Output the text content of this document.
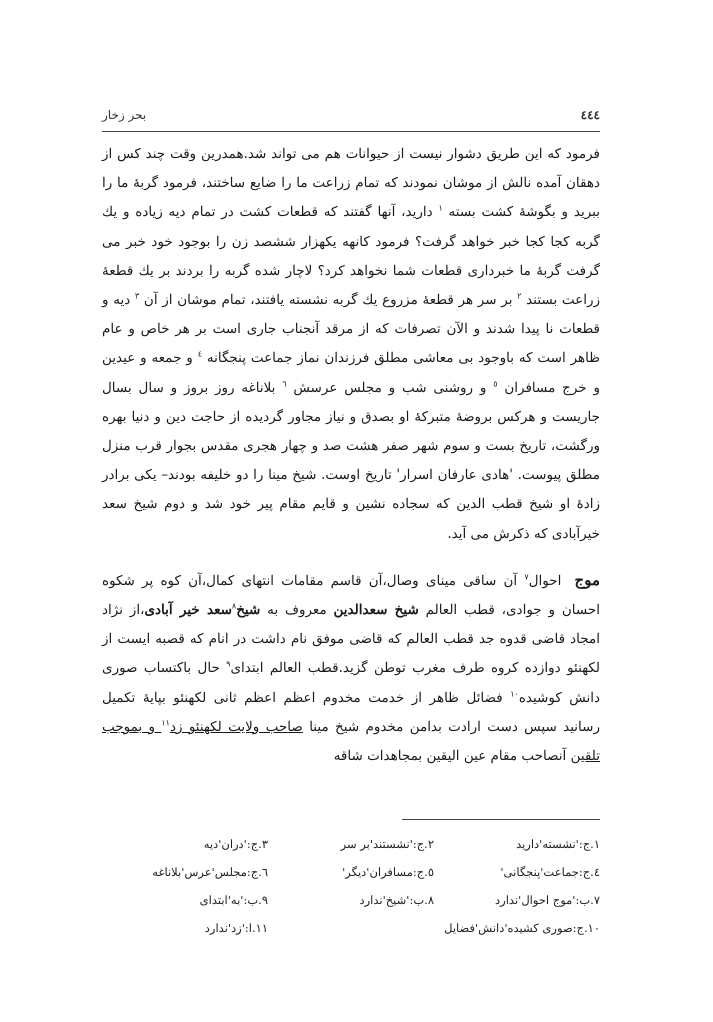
٤٤٤
بحر زخار

فرمود که این طریق دشوار نیست از حیوانات هم می تواند شد.همدرین وقت چند کس از دهقان آمده نالش از موشان نمودند که تمام زراعت ما را ضایع ساختند، فرمود گربهٔ ما را ببرید و بگوشهٔ کشت بسته $^١$ دارید، آنها گفتند که قطعات کشت در تمام دیه زیاده و یك گربه کجا کجا خبر خواهد گرفت؟ فرمود کانهه یکهزار ششصد زن را بوجود خود خبر می گرفت گربهٔ ما خبرداری قطعات شما نخواهد کرد؟ لاچار شده گربه را بردند بر یك قطعهٔ زراعت بستند $^٢$ بر سر هر قطعهٔ مزروع یك گربه نشسته یافتند، تمام موشان از آن $^٣$ دیه و قطعات نا پیدا شدند و الآن تصرفات که از مرقد آنجناب جاری است بر هر خاص و عام ظاهر است که باوجود بی معاشی مطلق فرزندان نماز جماعت پنجگانه $^٤$ و جمعه و عیدین و خرج مسافران $^٥$ و روشنی شب و مجلس عرسش $^٦$ بلاناغه روز بروز و سال بسال جاریست و هرکس بروضهٔ متبرکهٔ او بصدق و نیاز مجاور گردیده از حاجت دین و دنیا بهره ورگشت، تاریخ بست و سوم شهر صفر هشت صد و چهار هجری مقدس بجوار قرب منزل مطلق پیوست. 'هادی عارفان اسرار' تاریخ اوست. شیخ مینا را دو خلیفه بودند– یکی برادر زادهٔ او شیخ قطب الدین که سجاده نشین و قایم مقام پیر خود شد و دوم شیخ سعد خیرآبادی که ذکرش می آید.

موج احوال$^٧$ آن ساقی مینای وصال،آن قاسم مقامات انتهای کمال،آن کوه پر شکوه احسان و جوادی، قطب العالم شیخ سعدالدین معروف به شیخ$^٨$سعد خیر آبادی،از نژاد امجاد قاضی قدوه جد قطب العالم که قاضی موفق نام داشت در انام که قصبه ایست از لکهنئو دوازده کروه طرف مغرب توطن گزید.قطب العالم ابتدای$^٩$ حال باکتساب صوری دانش کوشیده$^{١٠}$ فضائل ظاهر از خدمت مخدوم اعظم اعظم ثانی لکهنئو بپایهٔ تکمیل رسانید سپس دست ارادت بدامن مخدوم شیخ مینا صاحب ولایت لکهنئو زد$^{١١}$ و بموجب تلقین آنصاحب مقام عین الیقین بمجاهدات شاقه

١.ج:'نشسته'دارید
٢.ج:'نشستند'بر سر
٣.ج:'دران'دیه
٤.ج:جماعت'پنجگانی'
٥.ج:مسافران'دیگر'
٦.ج:مجلس'عرس'بلاناغه
٧.ب:'موج احوال'ندارد
٨.ب:'شیخ'ندارد
٩.ب:'به'ابتدای
١٠.ج:صوری کشیده'دانش'فضایل
١١.ا:'زد'ندارد
